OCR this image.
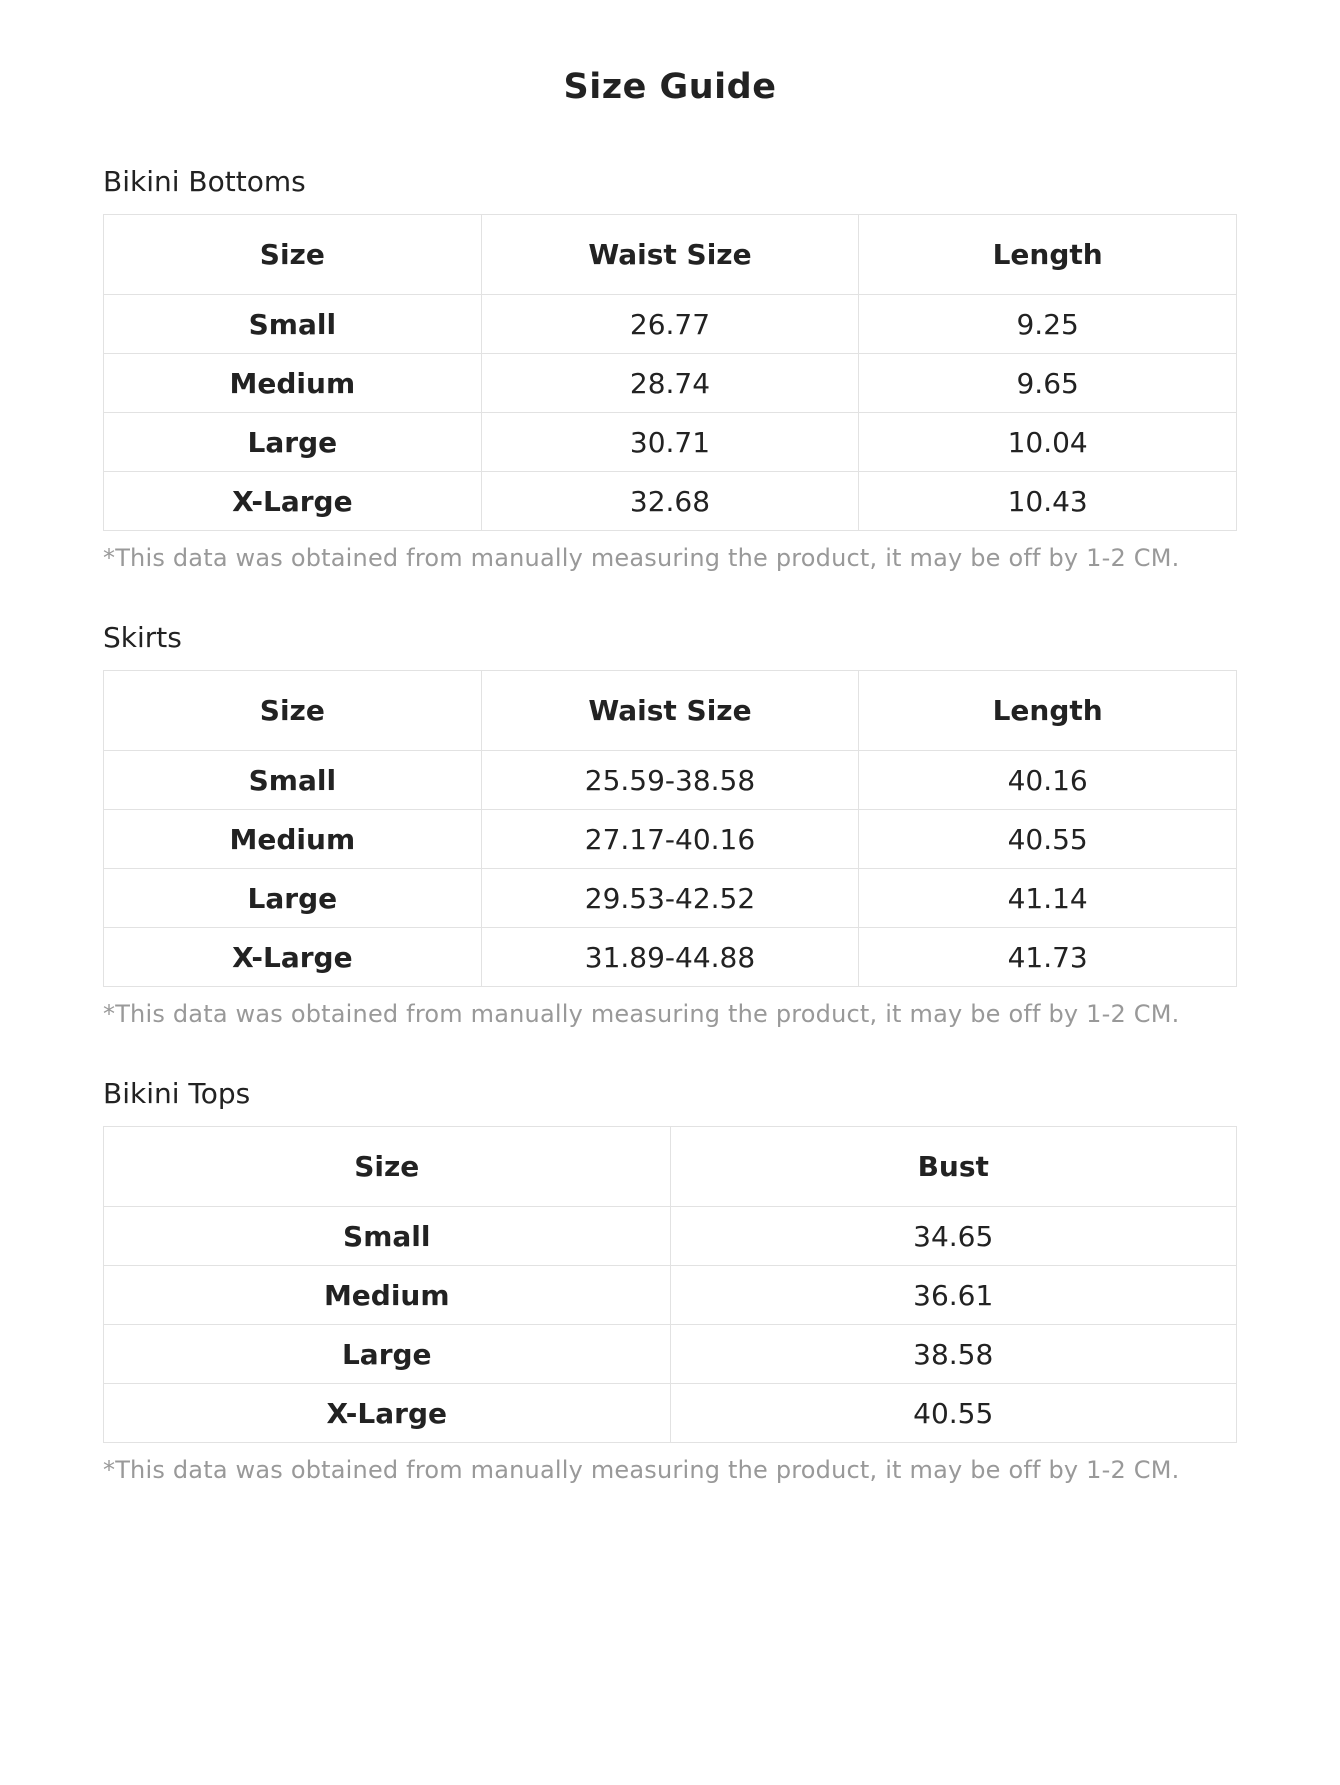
Size Guide
Bikini Bottoms
Size	Waist Size	Length
Small	26.77	9.25
Medium	28.74	9.65
Large	30.71	10.04
X-Large	32.68	10.43
*This data was obtained from manually measuring the product, it may be off by 1-2 CM.
Skirts
Size	Waist Size	Length
Small	25.59-38.58	40.16
Medium	27.17-40.16	40.55
Large	29.53-42.52	41.14
X-Large	31.89-44.88	41.73
*This data was obtained from manually measuring the product, it may be off by 1-2 CM.
Bikini Tops
Size	Bust
Small	34.65
Medium	36.61
Large	38.58
X-Large	40.55
*This data was obtained from manually measuring the product, it may be off by 1-2 CM.
